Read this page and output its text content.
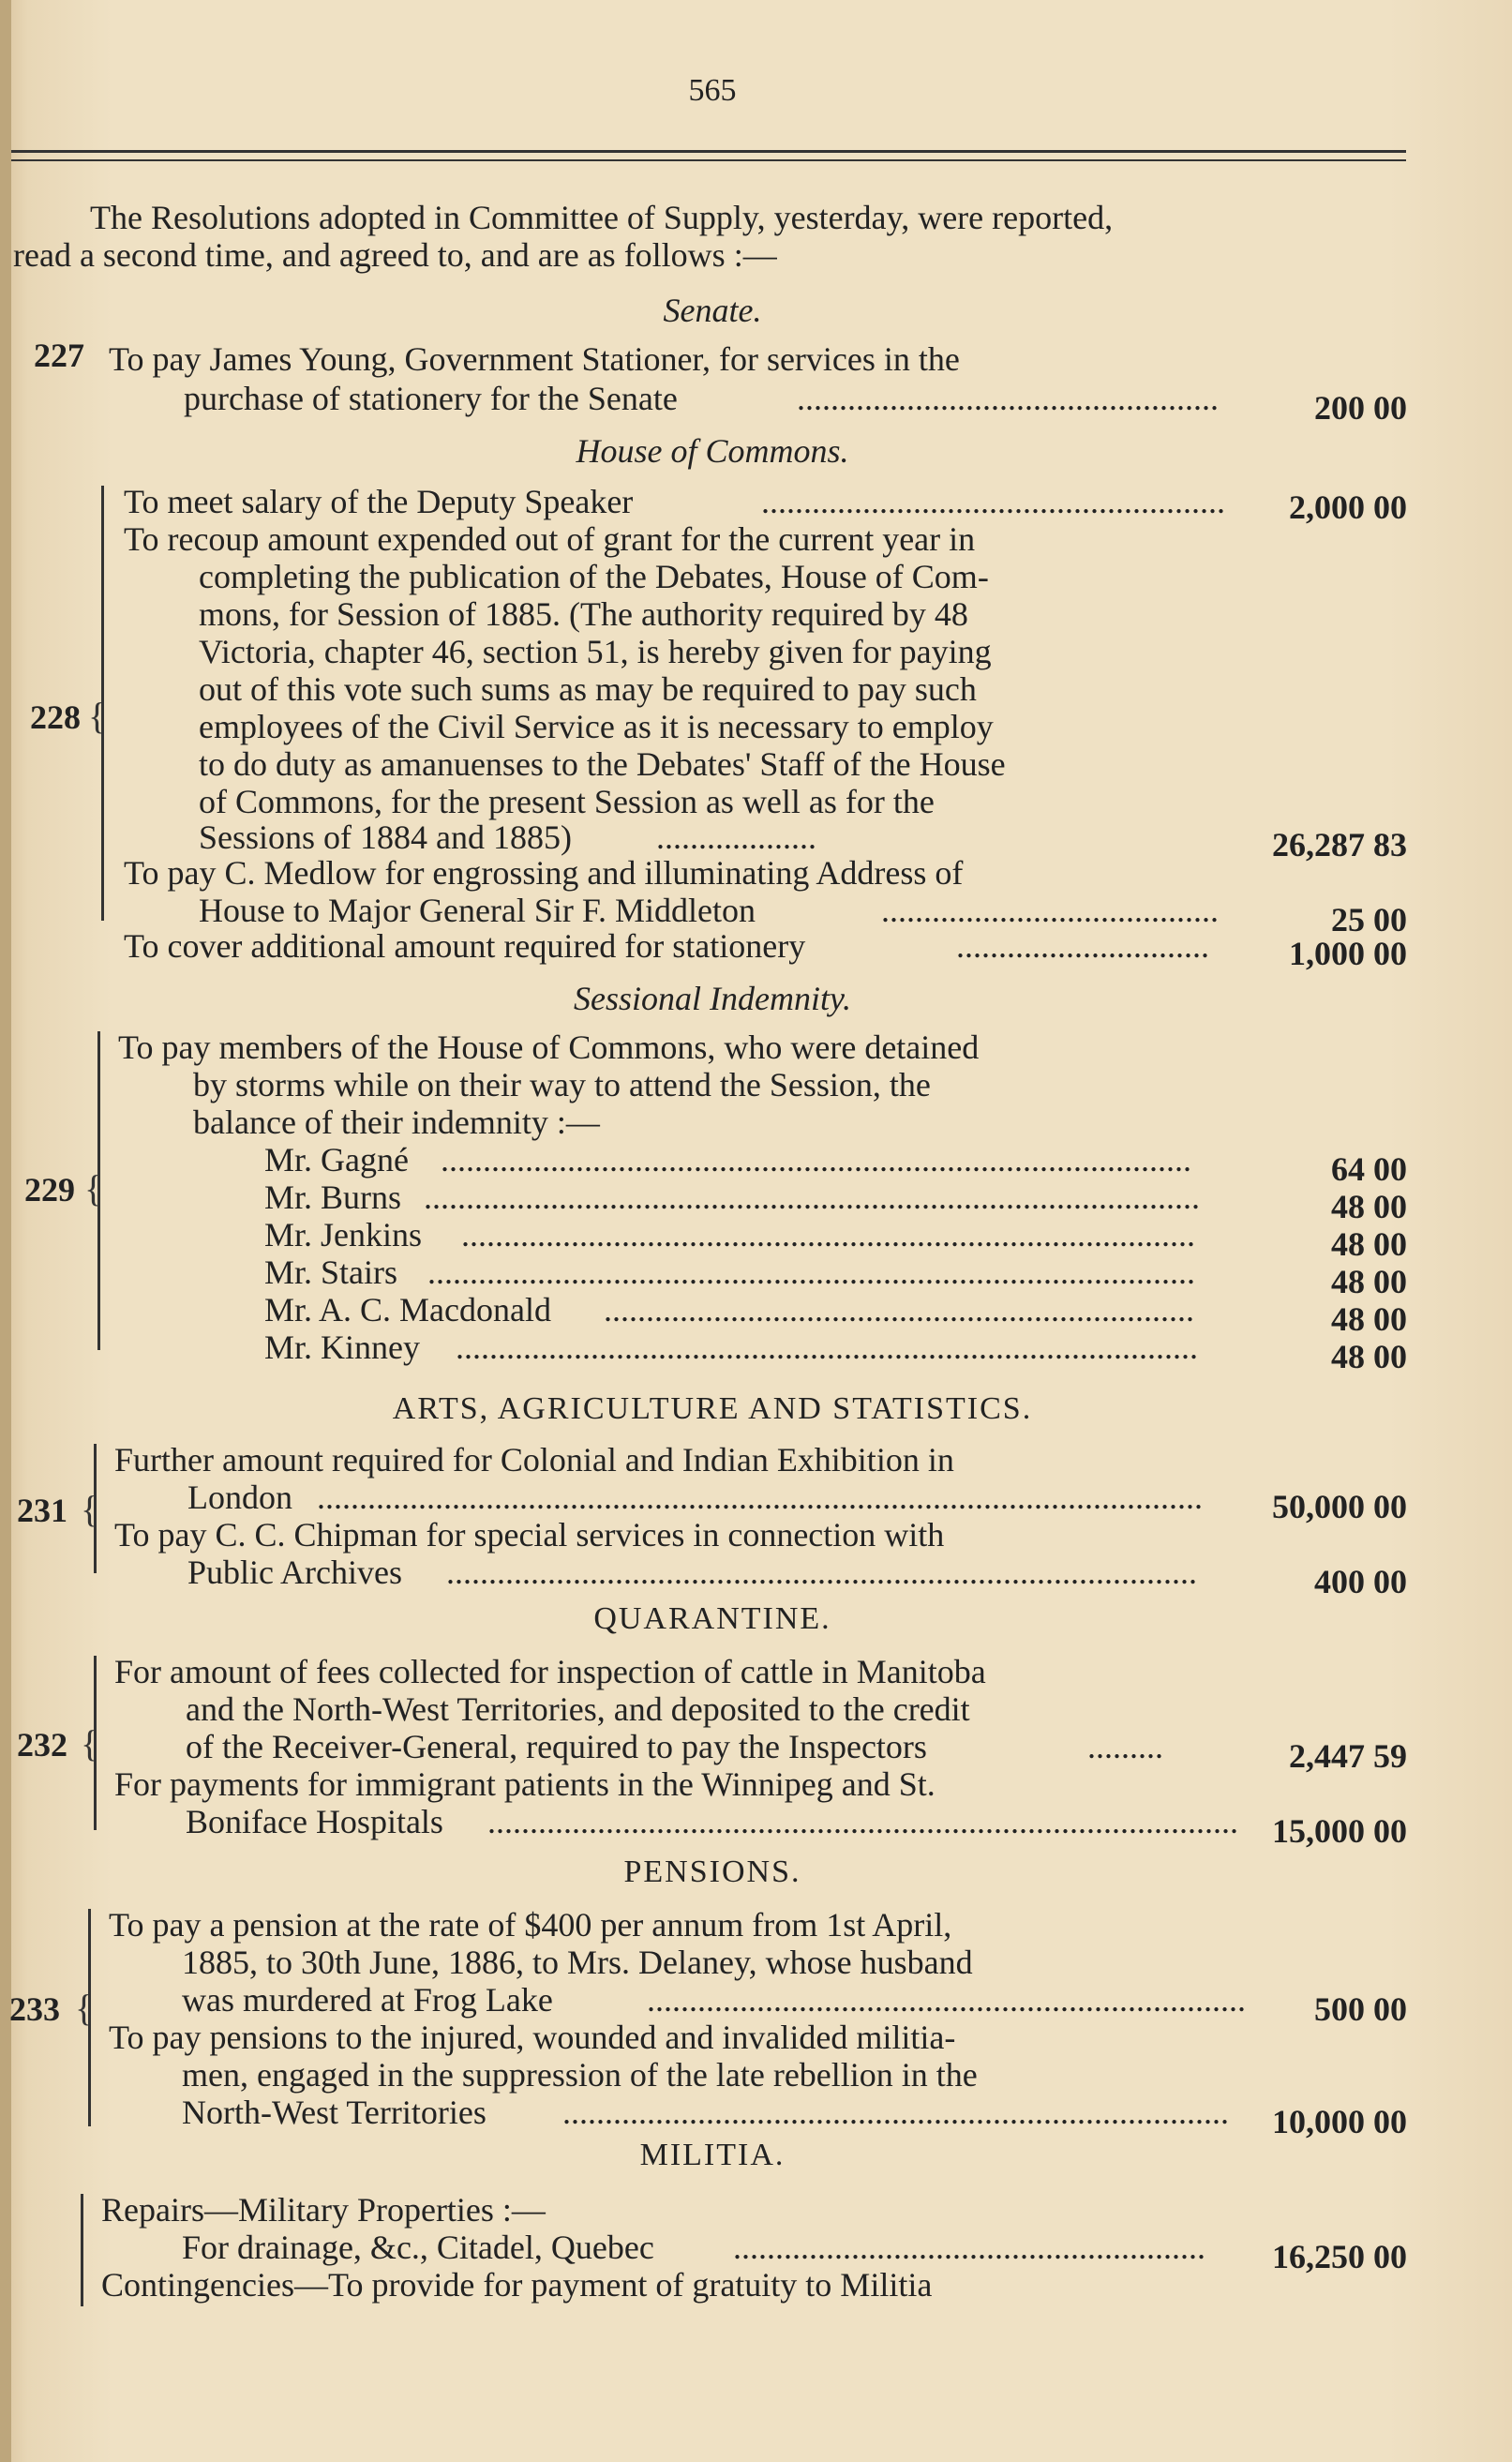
565
The Resolutions adopted in Committee of Supply, yesterday, were reported,
read a second time, and agreed to, and are as follows :—
Senate.
227 To pay James Young, Government Stationer, for services in the
purchase of stationery for the Senate	..................................................	200 00
House of Commons.
228 {
To meet salary of the Deputy Speaker	....................................................... 2,000 00
To recoup amount expended out of grant for the current year in
completing the publication of the Debates, House of Com-
mons, for Session of 1885. (The authority required by 48
Victoria, chapter 46, section 51, is hereby given for paying
out of this vote such sums as may be required to pay such
employees of the Civil Service as it is necessary to employ
to do duty as amanuenses to the Debates' Staff of the House
of Commons, for the present Session as well as for the
Sessions of 1884 and 1885)	...................	26,287 83
To pay C. Medlow for engrossing and illuminating Address of
House to Major General Sir F. Middleton	........................................	25 00
To cover additional amount required for stationery	.............................. 1,000 00
Sessional Indemnity.
229 {
To pay members of the House of Commons, who were detained
by storms while on their way to attend the Session, the
balance of their indemnity :—
Mr. Gagné .........................................................................................	64 00
Mr. Burns ............................................................................................	48 00
Mr. Jenkins .......................................................................................	48 00
Mr. Stairs ...........................................................................................	48 00
Mr. A. C. Macdonald ......................................................................	48 00
Mr. Kinney ........................................................................................	48 00
ARTS, AGRICULTURE AND STATISTICS.
231 {
Further amount required for Colonial and Indian Exhibition in
London ......................................................................................................... 50,000 00
To pay C. C. Chipman for special services in connection with
Public Archives .........................................................................................	400 00
QUARANTINE.
232 {
For amount of fees collected for inspection of cattle in Manitoba
and the North-West Territories, and deposited to the credit
of the Receiver-General, required to pay the Inspectors	.........	2,447 59
For payments for immigrant patients in the Winnipeg and St.
Boniface Hospitals ......................................................................................... 15,000 00
PENSIONS.
233 {
To pay a pension at the rate of $400 per annum from 1st April,
1885, to 30th June, 1886, to Mrs. Delaney, whose husband
was murdered at Frog Lake	....................................................................... 500 00
To pay pensions to the injured, wounded and invalided militia-
men, engaged in the suppression of the late rebellion in the
North-West Territories ............................................................................... 10,000 00
MILITIA.
Repairs—Military Properties :—
For drainage, &c., Citadel, Quebec ........................................................ 16,250 00
Contingencies—To provide for payment of gratuity to Militia
